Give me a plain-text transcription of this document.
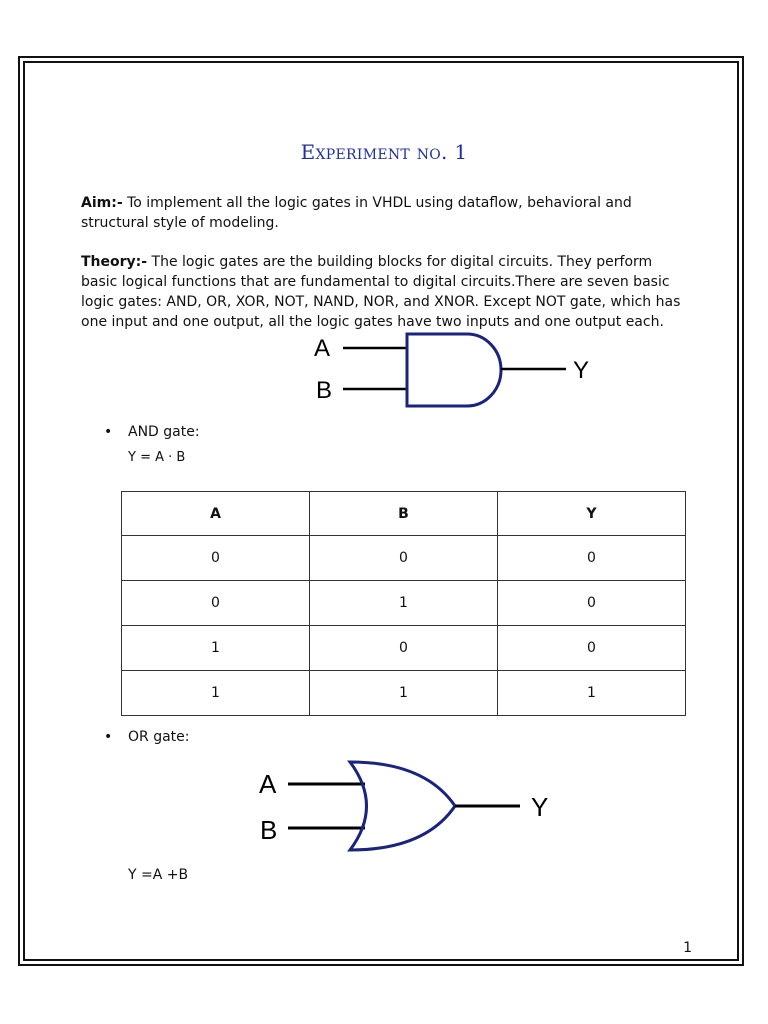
Experiment no. 1
Aim:- To implement all the logic gates in VHDL using dataflow, behavioral and structural style of modeling.
Theory:- The logic gates are the building blocks for digital circuits. They perform basic logical functions that are fundamental to digital circuits.There are seven basic logic gates: AND, OR, XOR, NOT, NAND, NOR, and XNOR. Except NOT gate, which has one input and one output, all the logic gates have two inputs and one output each.
A
B
Y
• AND gate:
Y = A · B
A	B	Y
0	0	0
0	1	0
1	0	0
1	1	1
• OR gate:
A
B
Y
Y =A +B
1
